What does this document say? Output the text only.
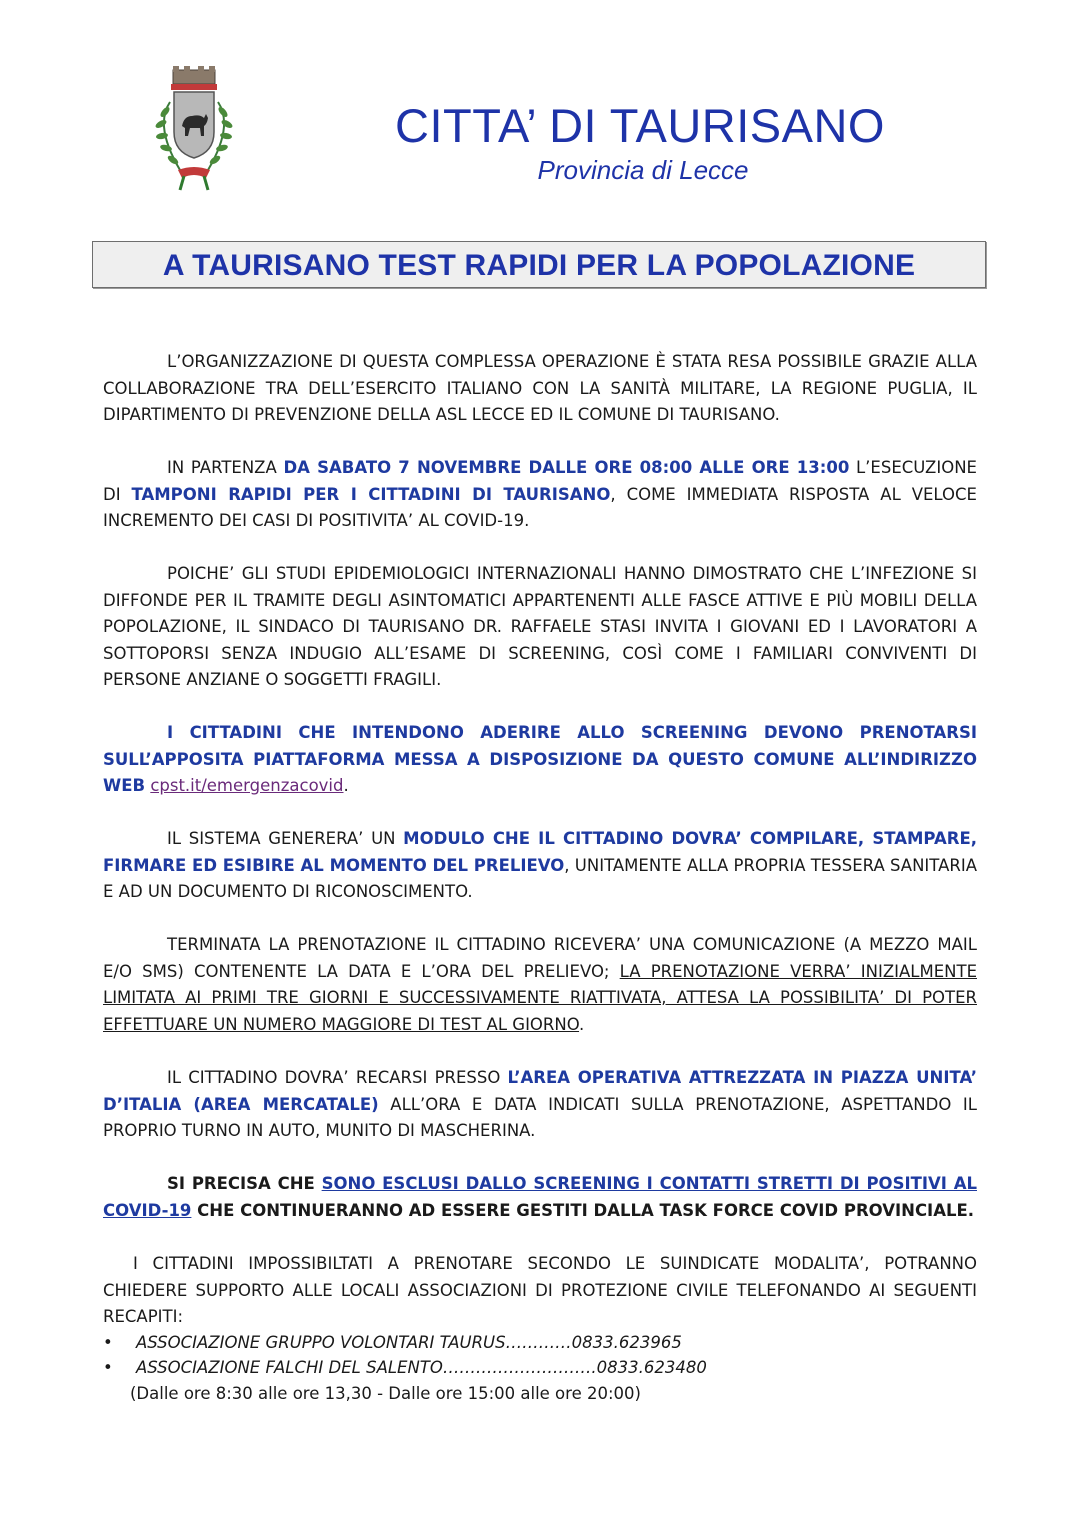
CITTA’ DI TAURISANO
Provincia di Lecce
A TAURISANO TEST RAPIDI PER LA POPOLAZIONE

L’ORGANIZZAZIONE DI QUESTA COMPLESSA OPERAZIONE È STATA RESA POSSIBILE GRAZIE ALLA COLLABORAZIONE TRA DELL’ESERCITO ITALIANO CON LA SANITÀ MILITARE, LA REGIONE PUGLIA, IL DIPARTIMENTO DI PREVENZIONE DELLA ASL LECCE ED IL COMUNE DI TAURISANO.

IN PARTENZA DA SABATO 7 NOVEMBRE DALLE ORE 08:00 ALLE ORE 13:00 L’ESECUZIONE DI TAMPONI RAPIDI PER I CITTADINI DI TAURISANO, COME IMMEDIATA RISPOSTA AL VELOCE INCREMENTO DEI CASI DI POSITIVITA’ AL COVID-19.

POICHE’ GLI STUDI EPIDEMIOLOGICI INTERNAZIONALI HANNO DIMOSTRATO CHE L’INFEZIONE SI DIFFONDE PER IL TRAMITE DEGLI ASINTOMATICI APPARTENENTI ALLE FASCE ATTIVE E PIÙ MOBILI DELLA POPOLAZIONE, IL SINDACO DI TAURISANO DR. RAFFAELE STASI INVITA I GIOVANI ED I LAVORATORI A SOTTOPORSI SENZA INDUGIO ALL’ESAME DI SCREENING, COSÌ COME I FAMILIARI CONVIVENTI DI PERSONE ANZIANE O SOGGETTI FRAGILI.

I CITTADINI CHE INTENDONO ADERIRE ALLO SCREENING DEVONO PRENOTARSI SULL’APPOSITA PIATTAFORMA MESSA A DISPOSIZIONE DA QUESTO COMUNE ALL’INDIRIZZO WEB cpst.it/emergenzacovid.

IL SISTEMA GENERERA’ UN MODULO CHE IL CITTADINO DOVRA’ COMPILARE, STAMPARE, FIRMARE ED ESIBIRE AL MOMENTO DEL PRELIEVO, UNITAMENTE ALLA PROPRIA TESSERA SANITARIA E AD UN DOCUMENTO DI RICONOSCIMENTO.

TERMINATA LA PRENOTAZIONE IL CITTADINO RICEVERA’ UNA COMUNICAZIONE (A MEZZO MAIL E/O SMS) CONTENENTE LA DATA E L’ORA DEL PRELIEVO; LA PRENOTAZIONE VERRA’ INIZIALMENTE LIMITATA AI PRIMI TRE GIORNI E SUCCESSIVAMENTE RIATTIVATA, ATTESA LA POSSIBILITA’ DI POTER EFFETTUARE UN NUMERO MAGGIORE DI TEST AL GIORNO.

IL CITTADINO DOVRA’ RECARSI PRESSO L’AREA OPERATIVA ATTREZZATA IN PIAZZA UNITA’ D’ITALIA (AREA MERCATALE) ALL’ORA E DATA INDICATI SULLA PRENOTAZIONE, ASPETTANDO IL PROPRIO TURNO IN AUTO, MUNITO DI MASCHERINA.

SI PRECISA CHE SONO ESCLUSI DALLO SCREENING I CONTATTI STRETTI DI POSITIVI AL COVID-19 CHE CONTINUERANNO AD ESSERE GESTITI DALLA TASK FORCE COVID PROVINCIALE.

I CITTADINI IMPOSSIBILTATI A PRENOTARE SECONDO LE SUINDICATE MODALITA’, POTRANNO CHIEDERE SUPPORTO ALLE LOCALI ASSOCIAZIONI DI PROTEZIONE CIVILE TELEFONANDO AI SEGUENTI RECAPITI:

• ASSOCIAZIONE GRUPPO VOLONTARI TAURUS…………0833.623965
• ASSOCIAZIONE FALCHI DEL SALENTO……………………….0833.623480

(Dalle ore 8:30 alle ore 13,30 - Dalle ore 15:00 alle ore 20:00)
